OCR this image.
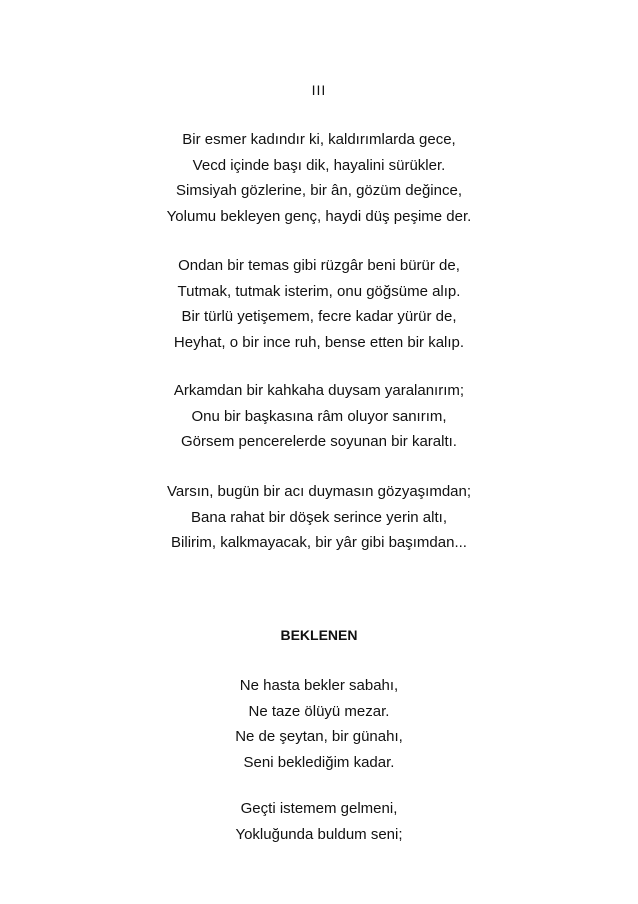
III
Bir esmer kadındır ki, kaldırımlarda gece,
Vecd içinde başı dik, hayalini sürükler.
Simsiyah gözlerine, bir ân, gözüm değince,
Yolumu bekleyen genç, haydi düş peşime der.
Ondan bir temas gibi rüzgâr beni bürür de,
Tutmak, tutmak isterim, onu göğsüme alıp.
Bir türlü yetişemem, fecre kadar yürür de,
Heyhat, o bir ince ruh, bense etten bir kalıp.
Arkamdan bir kahkaha duysam yaralanırım;
Onu bir başkasına râm oluyor sanırım,
Görsem pencerelerde soyunan bir karaltı.
Varsın, bugün bir acı duymasın gözyaşımdan;
Bana rahat bir döşek serince yerin altı,
Bilirim, kalkmayacak, bir yâr gibi başımdan...
BEKLENEN
Ne hasta bekler sabahı,
Ne taze ölüyü mezar.
Ne de şeytan, bir günahı,
Seni beklediğim kadar.
Geçti istemem gelmeni,
Yokluğunda buldum seni;
